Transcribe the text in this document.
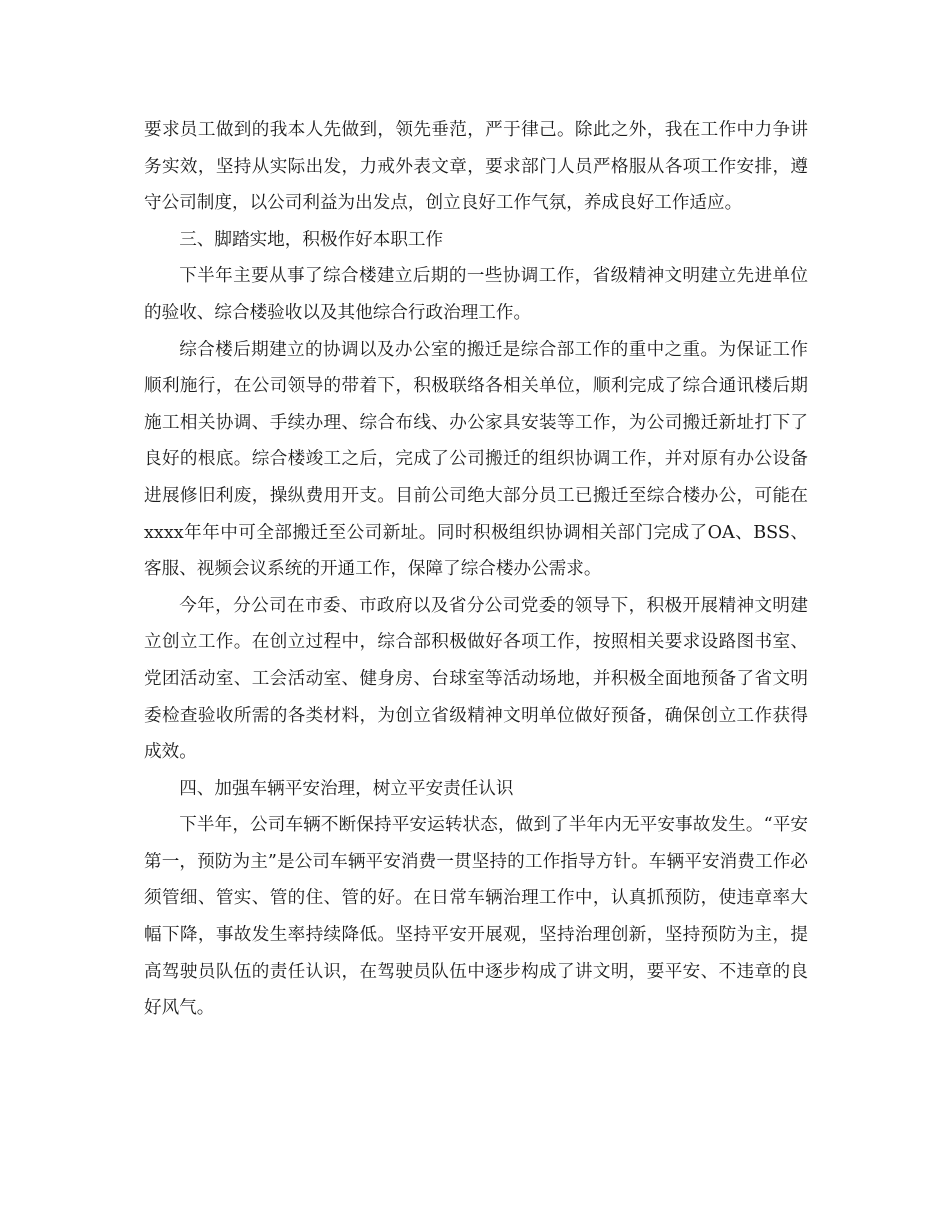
要求员工做到的我本人先做到，领先垂范，严于律己。除此之外，我在工作中力争讲务实效，坚持从实际出发，力戒外表文章，要求部门人员严格服从各项工作安排，遵守公司制度，以公司利益为出发点，创立良好工作气氛，养成良好工作适应。

三、脚踏实地，积极作好本职工作

下半年主要从事了综合楼建立后期的一些协调工作，省级精神文明建立先进单位的验收、综合楼验收以及其他综合行政治理工作。

综合楼后期建立的协调以及办公室的搬迁是综合部工作的重中之重。为保证工作顺利施行，在公司领导的带着下，积极联络各相关单位，顺利完成了综合通讯楼后期施工相关协调、手续办理、综合布线、办公家具安装等工作，为公司搬迁新址打下了良好的根底。综合楼竣工之后，完成了公司搬迁的组织协调工作，并对原有办公设备进展修旧利废，操纵费用开支。目前公司绝大部分员工已搬迁至综合楼办公，可能在xxxx年年中可全部搬迁至公司新址。同时积极组织协调相关部门完成了OA、BSS、客服、视频会议系统的开通工作，保障了综合楼办公需求。

今年，分公司在市委、市政府以及省分公司党委的领导下，积极开展精神文明建立创立工作。在创立过程中，综合部积极做好各项工作，按照相关要求设路图书室、党团活动室、工会活动室、健身房、台球室等活动场地，并积极全面地预备了省文明委检查验收所需的各类材料，为创立省级精神文明单位做好预备，确保创立工作获得成效。

四、加强车辆平安治理，树立平安责任认识

下半年，公司车辆不断保持平安运转状态，做到了半年内无平安事故发生。“平安第一，预防为主”是公司车辆平安消费一贯坚持的工作指导方针。车辆平安消费工作必须管细、管实、管的住、管的好。在日常车辆治理工作中，认真抓预防，使违章率大幅下降，事故发生率持续降低。坚持平安开展观，坚持治理创新，坚持预防为主，提高驾驶员队伍的责任认识，在驾驶员队伍中逐步构成了讲文明，要平安、不违章的良好风气。
